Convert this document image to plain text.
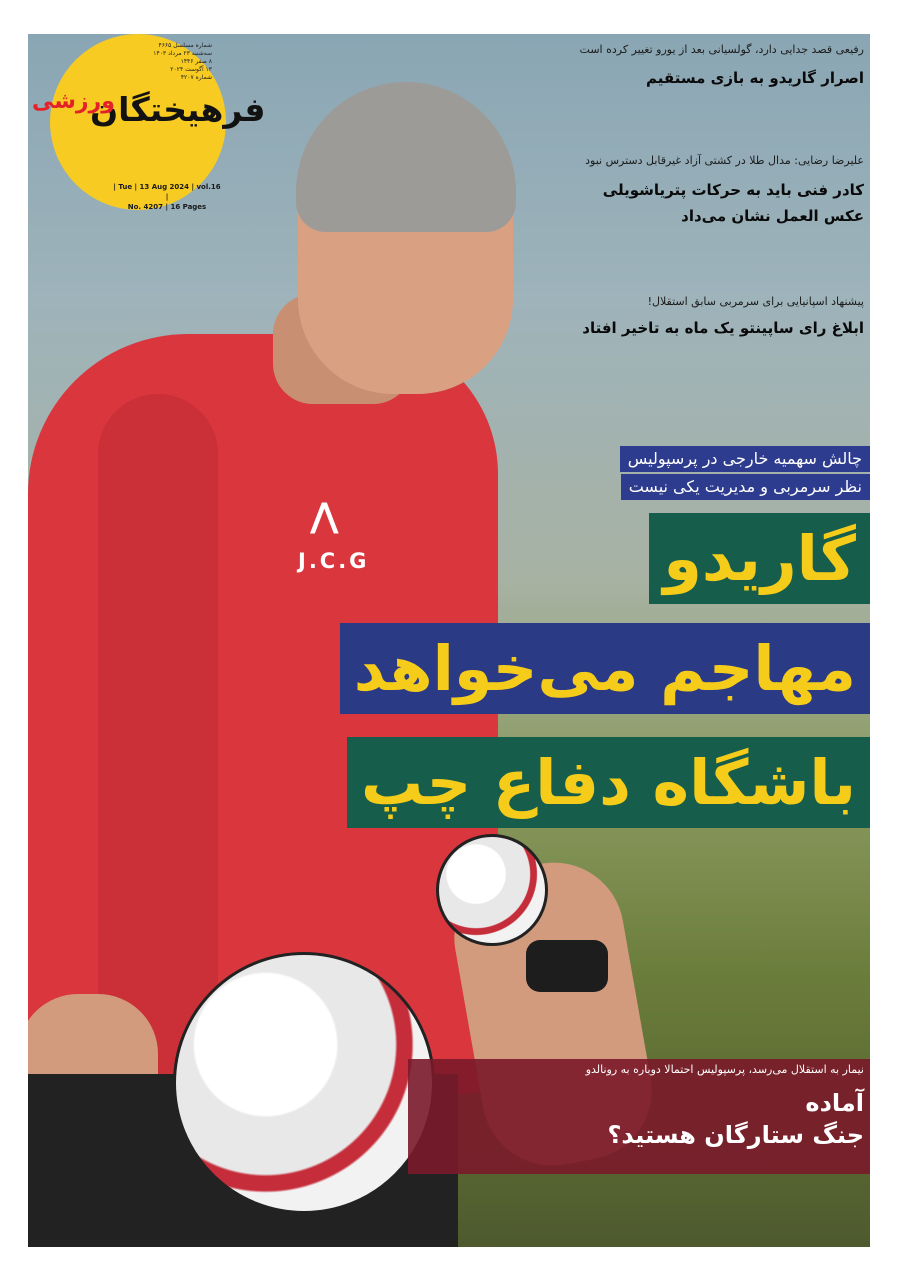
⋀
J.C.G
شماره مسلسل ۴۶۶۵
سه‌شنبه ۲۳ مرداد ۱۴۰۳
۸ صفر ۱۴۴۶
۱۳ آگوست ۲۰۲۴
شماره ۴۲۰۷
فرهیختگان
| Tue | 13 Aug 2024 | vol.16 |
No. 4207 | 16 Pages
ورزشی
رفیعی قصد جدایی دارد، گولسیانی بعد از یورو تغییر کرده است
اصرار گاریدو به بازی مستقیم
علیرضا رضایی: مدال طلا در کشتی آزاد غیرقابل دسترس نبود
کادر فنی باید به حرکات پتریاشویلی
عکس العمل نشان می‌داد
پیشنهاد اسپانیایی برای سرمربی سابق استقلال!
ابلاغ رای ساپینتو یک ماه به تاخیر افتاد
چالش سهمیه خارجی در پرسپولیس
نظر سرمربی و مدیریت یکی نیست
گاریدو
مهاجم می‌خواهد
باشگاه دفاع چپ
نیمار به استقلال می‌رسد، پرسپولیس احتمالا دوباره به رونالدو
آماده
جنگ ستارگان هستید؟
